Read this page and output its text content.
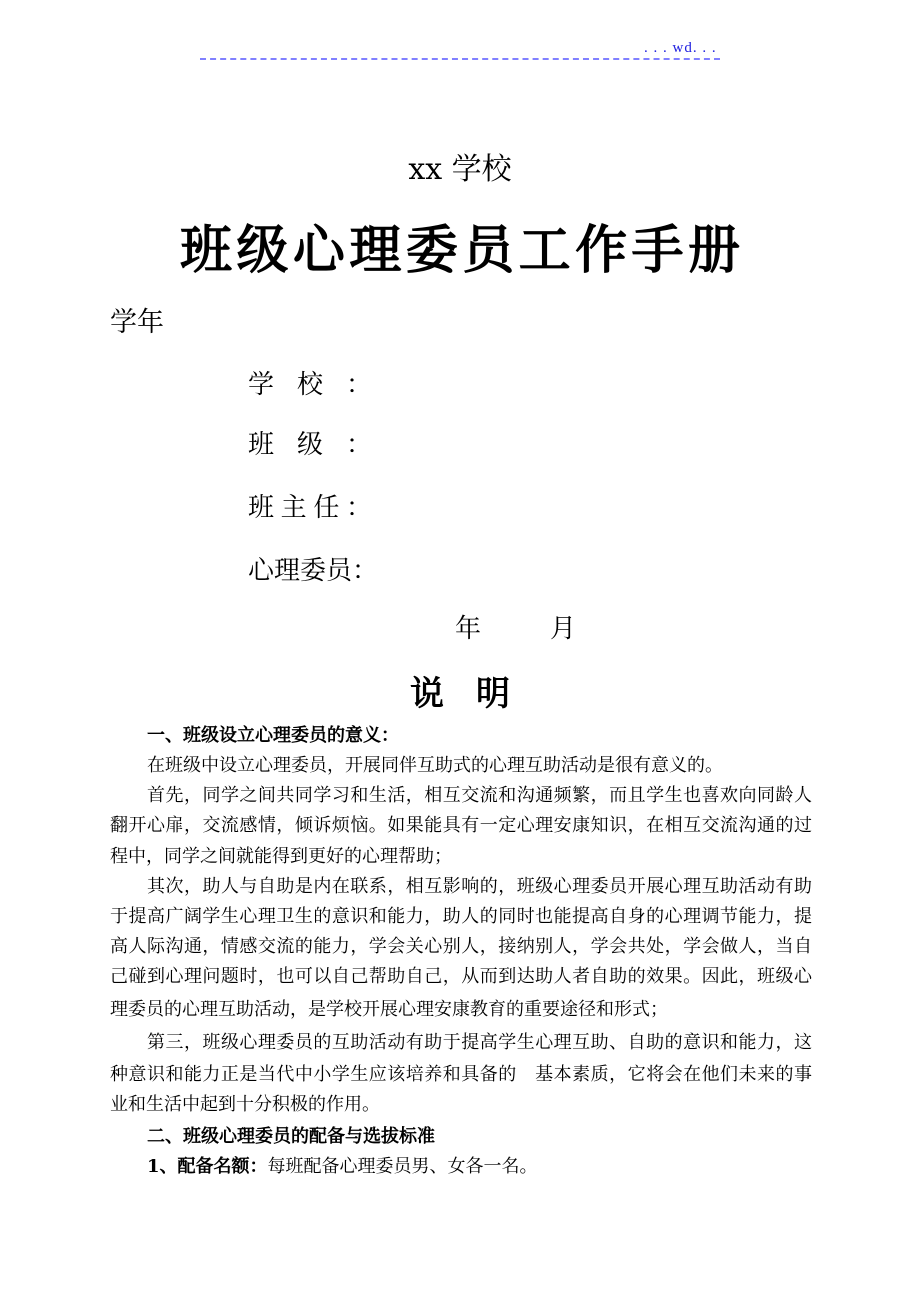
. . . wd. . .
xx 学校
班级心理委员工作手册
学年
学校：
班级：
班主任：
心理委员：
年	月
说明
一、班级设立心理委员的意义：
在班级中设立心理委员，开展同伴互助式的心理互助活动是很有意义的。
首先，同学之间共同学习和生活，相互交流和沟通频繁，而且学生也喜欢向同龄人
翻开心扉，交流感情，倾诉烦恼。如果能具有一定心理安康知识，在相互交流沟通的过
程中，同学之间就能得到更好的心理帮助；
其次，助人与自助是内在联系，相互影响的，班级心理委员开展心理互助活动有助
于提高广阔学生心理卫生的意识和能力，助人的同时也能提高自身的心理调节能力，提
高人际沟通，情感交流的能力，学会关心别人，接纳别人，学会共处，学会做人，当自
己碰到心理问题时，也可以自己帮助自己，从而到达助人者自助的效果。因此，班级心
理委员的心理互助活动，是学校开展心理安康教育的重要途径和形式；
第三，班级心理委员的互助活动有助于提高学生心理互助、自助的意识和能力，这
种意识和能力正是当代中小学生应该培养和具备的　基本素质，它将会在他们未来的事
业和生活中起到十分积极的作用。
二、班级心理委员的配备与选拔标准
1、配备名额：每班配备心理委员男、女各一名。
